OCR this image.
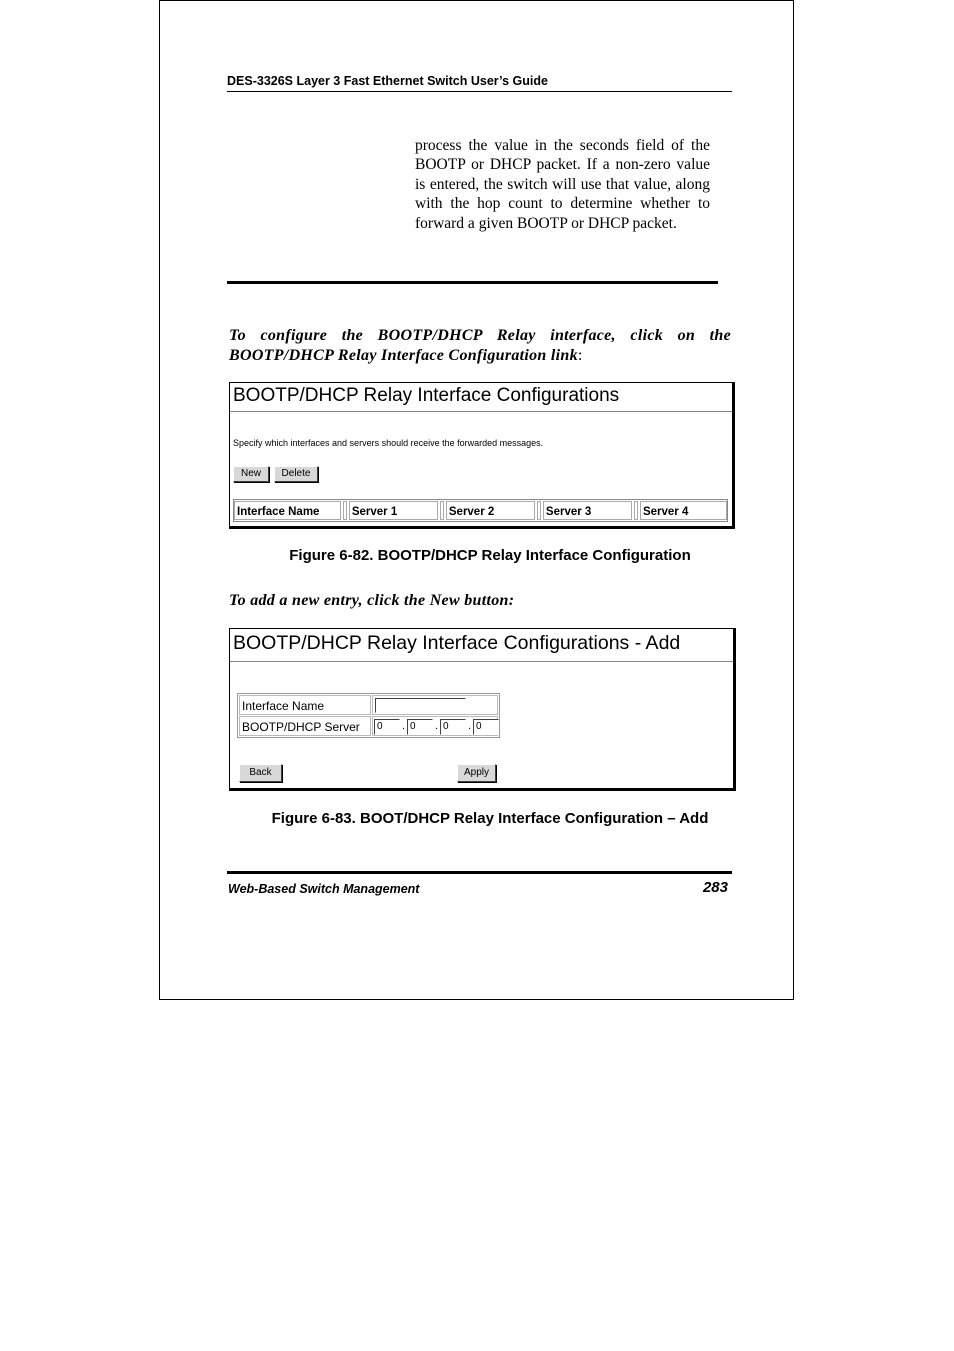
DES-3326S Layer 3 Fast Ethernet Switch User’s Guide
process the value in the seconds field of the BOOTP or DHCP packet. If a non-zero value is entered, the switch will use that value, along with the hop count to determine whether to forward a given BOOTP or DHCP packet.
To configure the BOOTP/DHCP Relay interface, click on the BOOTP/DHCP Relay Interface Configuration link:
BOOTP/DHCP Relay Interface Configurations
Specify which interfaces and servers should receive the forwarded messages.
New	Delete
Interface Name	Server 1	Server 2	Server 3	Server 4
Figure 6-82. BOOTP/DHCP Relay Interface Configuration
To add a new entry, click the New button:
BOOTP/DHCP Relay Interface Configurations - Add
Interface Name
BOOTP/DHCP Server	0	. 0	. 0	. 0
Back	Apply
Figure 6-83. BOOT/DHCP Relay Interface Configuration – Add
Web-Based Switch Management	283
